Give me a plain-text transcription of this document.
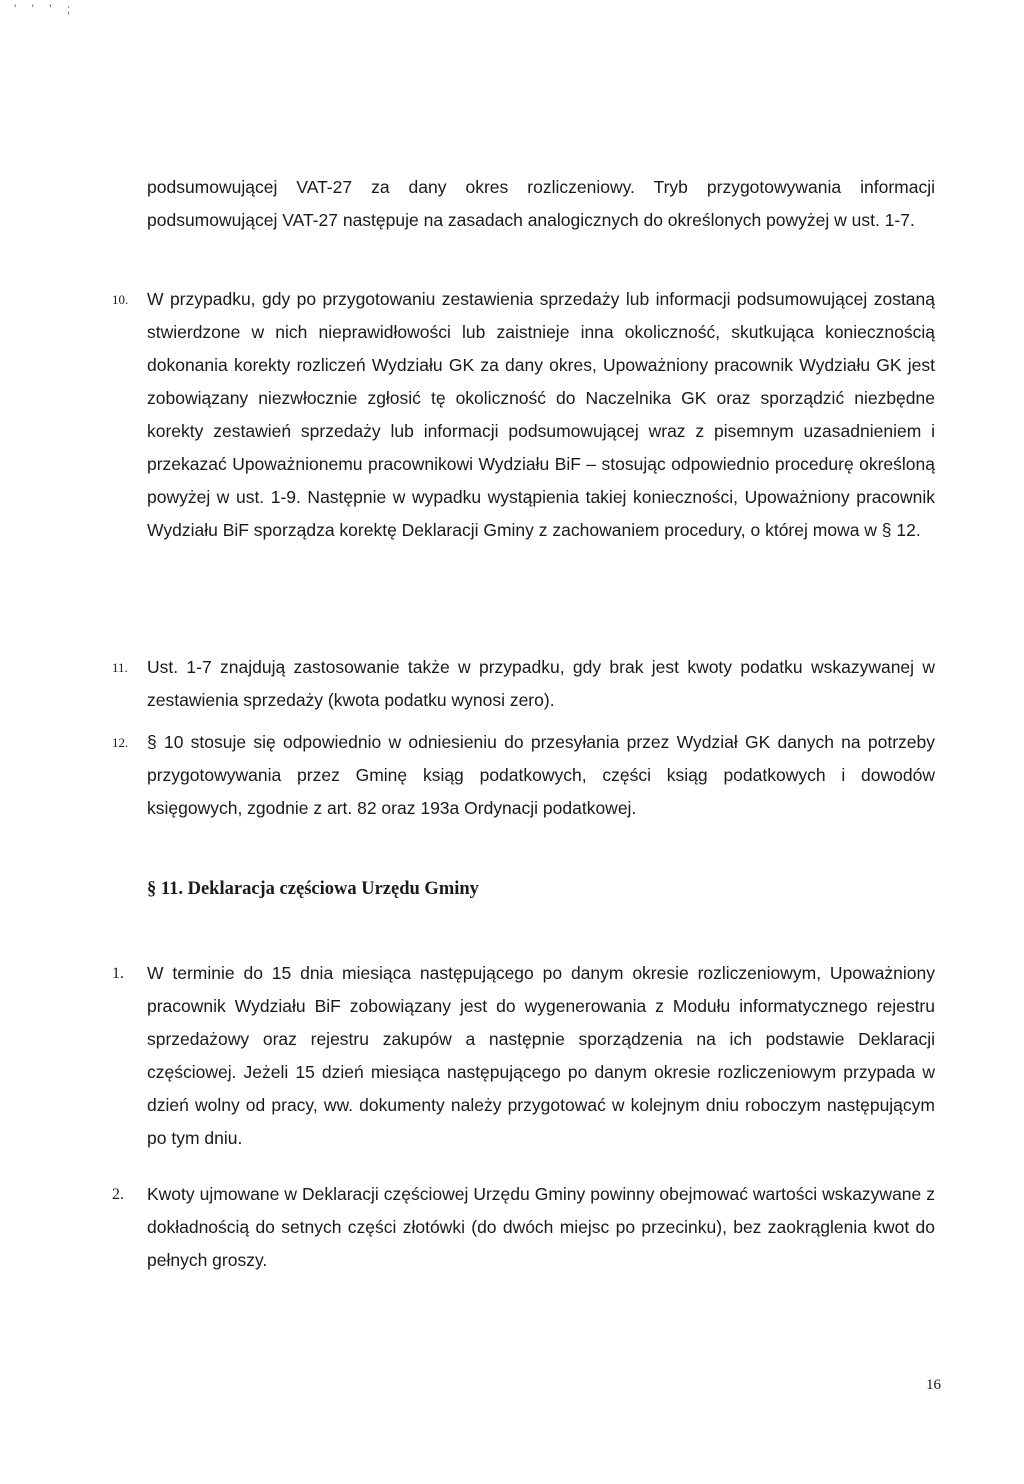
' ' ' ;
podsumowującej VAT-27 za dany okres rozliczeniowy. Tryb przygotowywania informacji podsumowującej VAT-27 następuje na zasadach analogicznych do określonych powyżej w ust. 1-7.
10.	W przypadku, gdy po przygotowaniu zestawienia sprzedaży lub informacji podsumowującej zostaną stwierdzone w nich nieprawidłowości lub zaistnieje inna okoliczność, skutkująca koniecznością dokonania korekty rozliczeń Wydziału GK za dany okres, Upoważniony pracownik Wydziału GK jest zobowiązany niezwłocznie zgłosić tę okoliczność do Naczelnika GK oraz sporządzić niezbędne korekty zestawień sprzedaży lub informacji podsumowującej wraz z pisemnym uzasadnieniem i przekazać Upoważnionemu pracownikowi Wydziału BiF – stosując odpowiednio procedurę określoną powyżej w ust. 1-9. Następnie w wypadku wystąpienia takiej konieczności, Upoważniony pracownik Wydziału BiF sporządza korektę Deklaracji Gminy z zachowaniem procedury, o której mowa w § 12.
11.	Ust. 1-7 znajdują zastosowanie także w przypadku, gdy brak jest kwoty podatku wskazywanej w zestawienia sprzedaży (kwota podatku wynosi zero).
12.	§ 10 stosuje się odpowiednio w odniesieniu do przesyłania przez Wydział GK danych na potrzeby przygotowywania przez Gminę ksiąg podatkowych, części ksiąg podatkowych i dowodów księgowych, zgodnie z art. 82 oraz 193a Ordynacji podatkowej.
§ 11. Deklaracja częściowa Urzędu Gminy
1.	W terminie do 15 dnia miesiąca następującego po danym okresie rozliczeniowym, Upoważniony pracownik Wydziału BiF zobowiązany jest do wygenerowania z Modułu informatycznego rejestru sprzedażowy oraz rejestru zakupów a następnie sporządzenia na ich podstawie Deklaracji częściowej. Jeżeli 15 dzień miesiąca następującego po danym okresie rozliczeniowym przypada w dzień wolny od pracy, ww. dokumenty należy przygotować w kolejnym dniu roboczym następującym po tym dniu.
2.	Kwoty ujmowane w Deklaracji częściowej Urzędu Gminy powinny obejmować wartości wskazywane z dokładnością do setnych części złotówki (do dwóch miejsc po przecinku), bez zaokrąglenia kwot do pełnych groszy.
16
